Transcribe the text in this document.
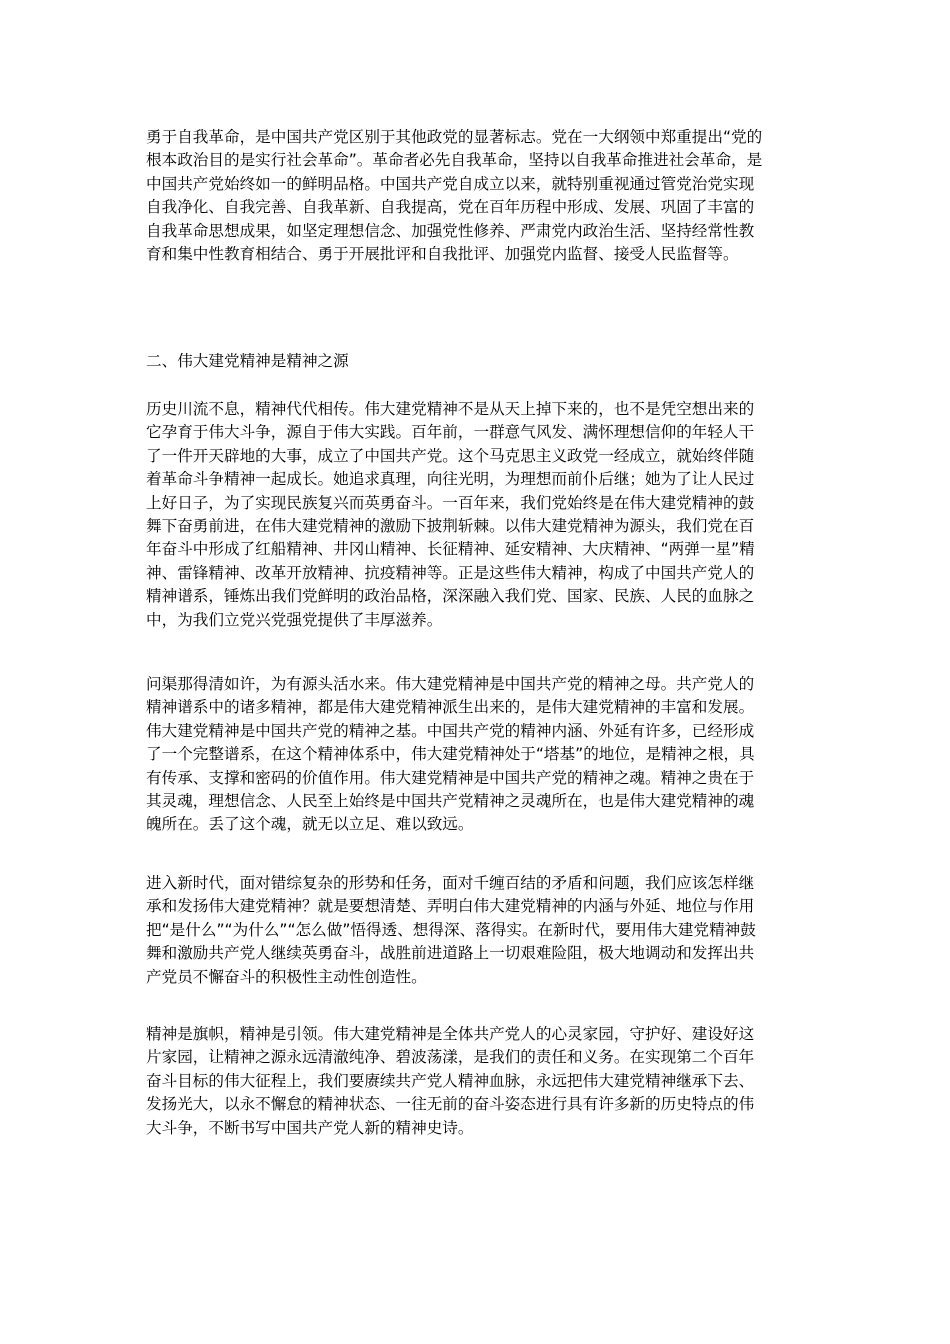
勇于自我革命，是中国共产党区别于其他政党的显著标志。党在一大纲领中郑重提出“党的
根本政治目的是实行社会革命”。革命者必先自我革命，坚持以自我革命推进社会革命，是
中国共产党始终如一的鲜明品格。中国共产党自成立以来，就特别重视通过管党治党实现
自我净化、自我完善、自我革新、自我提高，党在百年历程中形成、发展、巩固了丰富的
自我革命思想成果，如坚定理想信念、加强党性修养、严肃党内政治生活、坚持经常性教
育和集中性教育相结合、勇于开展批评和自我批评、加强党内监督、接受人民监督等。
二、伟大建党精神是精神之源
历史川流不息，精神代代相传。伟大建党精神不是从天上掉下来的，也不是凭空想出来的
它孕育于伟大斗争，源自于伟大实践。百年前，一群意气风发、满怀理想信仰的年轻人干
了一件开天辟地的大事，成立了中国共产党。这个马克思主义政党一经成立，就始终伴随
着革命斗争精神一起成长。她追求真理，向往光明，为理想而前仆后继；她为了让人民过
上好日子，为了实现民族复兴而英勇奋斗。一百年来，我们党始终是在伟大建党精神的鼓
舞下奋勇前进，在伟大建党精神的激励下披荆斩棘。以伟大建党精神为源头，我们党在百
年奋斗中形成了红船精神、井冈山精神、长征精神、延安精神、大庆精神、“两弹一星”精
神、雷锋精神、改革开放精神、抗疫精神等。正是这些伟大精神，构成了中国共产党人的
精神谱系，锤炼出我们党鲜明的政治品格，深深融入我们党、国家、民族、人民的血脉之
中，为我们立党兴党强党提供了丰厚滋养。
问渠那得清如许，为有源头活水来。伟大建党精神是中国共产党的精神之母。共产党人的
精神谱系中的诸多精神，都是伟大建党精神派生出来的，是伟大建党精神的丰富和发展。
伟大建党精神是中国共产党的精神之基。中国共产党的精神内涵、外延有许多，已经形成
了一个完整谱系，在这个精神体系中，伟大建党精神处于“塔基”的地位，是精神之根，具
有传承、支撑和密码的价值作用。伟大建党精神是中国共产党的精神之魂。精神之贵在于
其灵魂，理想信念、人民至上始终是中国共产党精神之灵魂所在，也是伟大建党精神的魂
魄所在。丢了这个魂，就无以立足、难以致远。
进入新时代，面对错综复杂的形势和任务，面对千缠百结的矛盾和问题，我们应该怎样继
承和发扬伟大建党精神？就是要想清楚、弄明白伟大建党精神的内涵与外延、地位与作用
把“是什么”“为什么”“怎么做”悟得透、想得深、落得实。在新时代，要用伟大建党精神鼓
舞和激励共产党人继续英勇奋斗，战胜前进道路上一切艰难险阻，极大地调动和发挥出共
产党员不懈奋斗的积极性主动性创造性。
精神是旗帜，精神是引领。伟大建党精神是全体共产党人的心灵家园，守护好、建设好这
片家园，让精神之源永远清澈纯净、碧波荡漾，是我们的责任和义务。在实现第二个百年
奋斗目标的伟大征程上，我们要赓续共产党人精神血脉，永远把伟大建党精神继承下去、
发扬光大，以永不懈怠的精神状态、一往无前的奋斗姿态进行具有许多新的历史特点的伟
大斗争，不断书写中国共产党人新的精神史诗。
